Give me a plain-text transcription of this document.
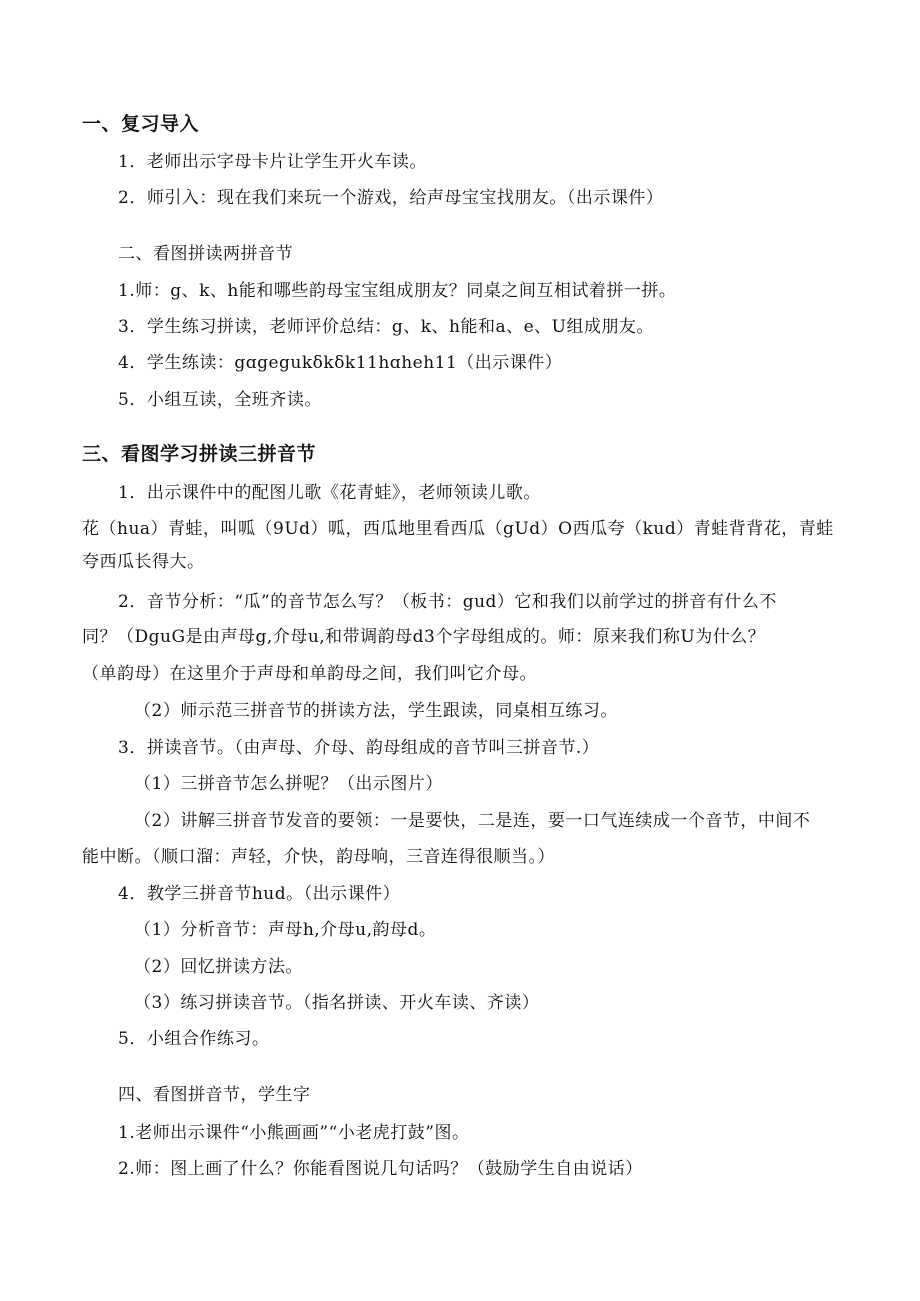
一、复习导入
1．老师出示字母卡片让学生开火车读。
2．师引入：现在我们来玩一个游戏，给声母宝宝找朋友。（出示课件）
二、看图拼读两拼音节
1.师：g、k、h能和哪些韵母宝宝组成朋友？同桌之间互相试着拼一拼。
3．学生练习拼读，老师评价总结：g、k、h能和a、e、U组成朋友。
4．学生练读：gɑgegukδkδk11hɑheh11（出示课件）
5．小组互读，全班齐读。
三、看图学习拼读三拼音节
1．出示课件中的配图儿歌《花青蛙》，老师领读儿歌。
花（hua）青蛙，叫呱（9Ud）呱，西瓜地里看西瓜（gUd）O西瓜夸（kud）青蛙背背花，青蛙
夸西瓜长得大。
2．音节分析：“瓜”的音节怎么写？（板书：gud）它和我们以前学过的拼音有什么不
同？（DguG是由声母g,介母u,和带调韵母d3个字母组成的。师：原来我们称U为什么？
（单韵母）在这里介于声母和单韵母之间，我们叫它介母。
（2）师示范三拼音节的拼读方法，学生跟读，同桌相互练习。
3．拼读音节。（由声母、介母、韵母组成的音节叫三拼音节.）
（1）三拼音节怎么拼呢？（出示图片）
（2）讲解三拼音节发音的要领：一是要快，二是连，要一口气连续成一个音节，中间不
能中断。（顺口溜：声轻，介快，韵母响，三音连得很顺当。）
4．教学三拼音节hud。（出示课件）
（1）分析音节：声母h,介母u,韵母d。
（2）回忆拼读方法。
（3）练习拼读音节。（指名拼读、开火车读、齐读）
5．小组合作练习。
四、看图拼音节，学生字
1.老师出示课件“小熊画画”“小老虎打鼓”图。
2.师：图上画了什么？你能看图说几句话吗？（鼓励学生自由说话）
